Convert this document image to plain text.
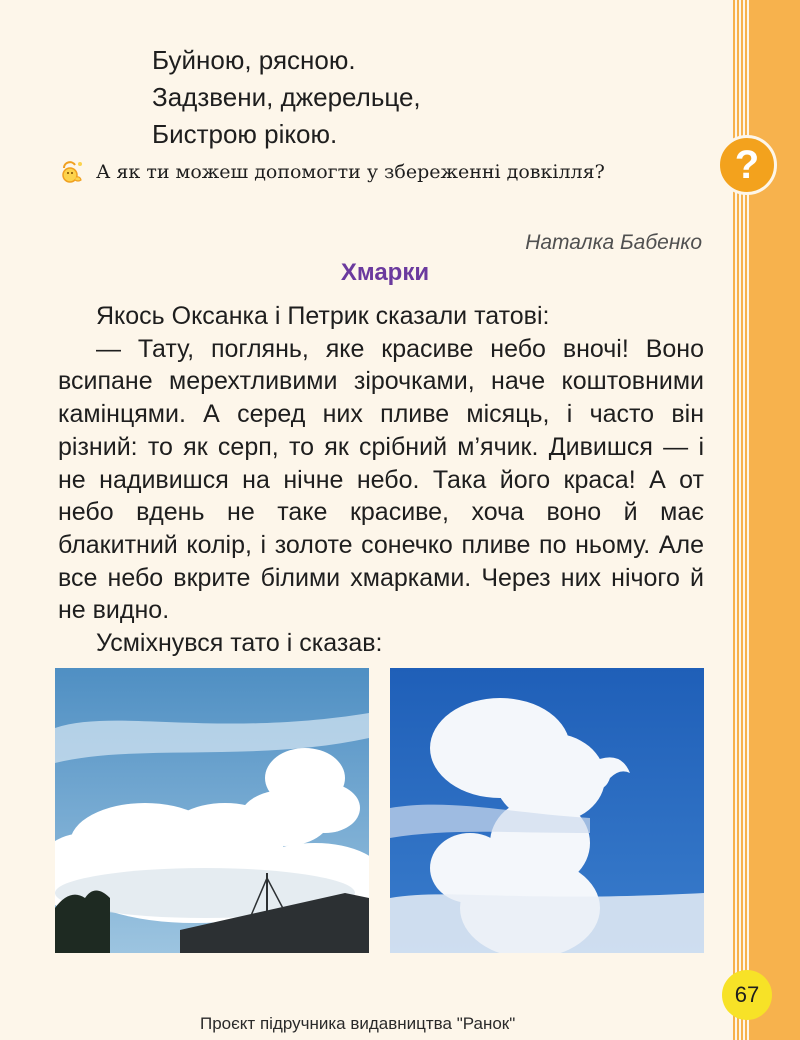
?
Буйною, рясною.
Задзвени, джерельце,
Бистрою рікою.
А як ти можеш допомогти у збереженні довкілля?
Наталка Бабенко
Хмарки

Якось Оксанка і Петрик сказали татові:

— Тату, поглянь, яке красиве небо вночі! Воно всипане мерехтливими зірочками, наче коштовними камінцями. А серед них пливе місяць, і часто він різний: то як серп, то як срібний м’ячик. Дивишся — і не надивишся на нічне небо. Така його краса! А от небо вдень не таке красиве, хоча воно й має блакитний колір, і золоте сонечко пливе по ньому. Але все небо вкрите білими хмарками. Через них нічого й не видно.

Усміхнувся тато і сказав:

67
Проєкт підручника видавництва "Ранок"
